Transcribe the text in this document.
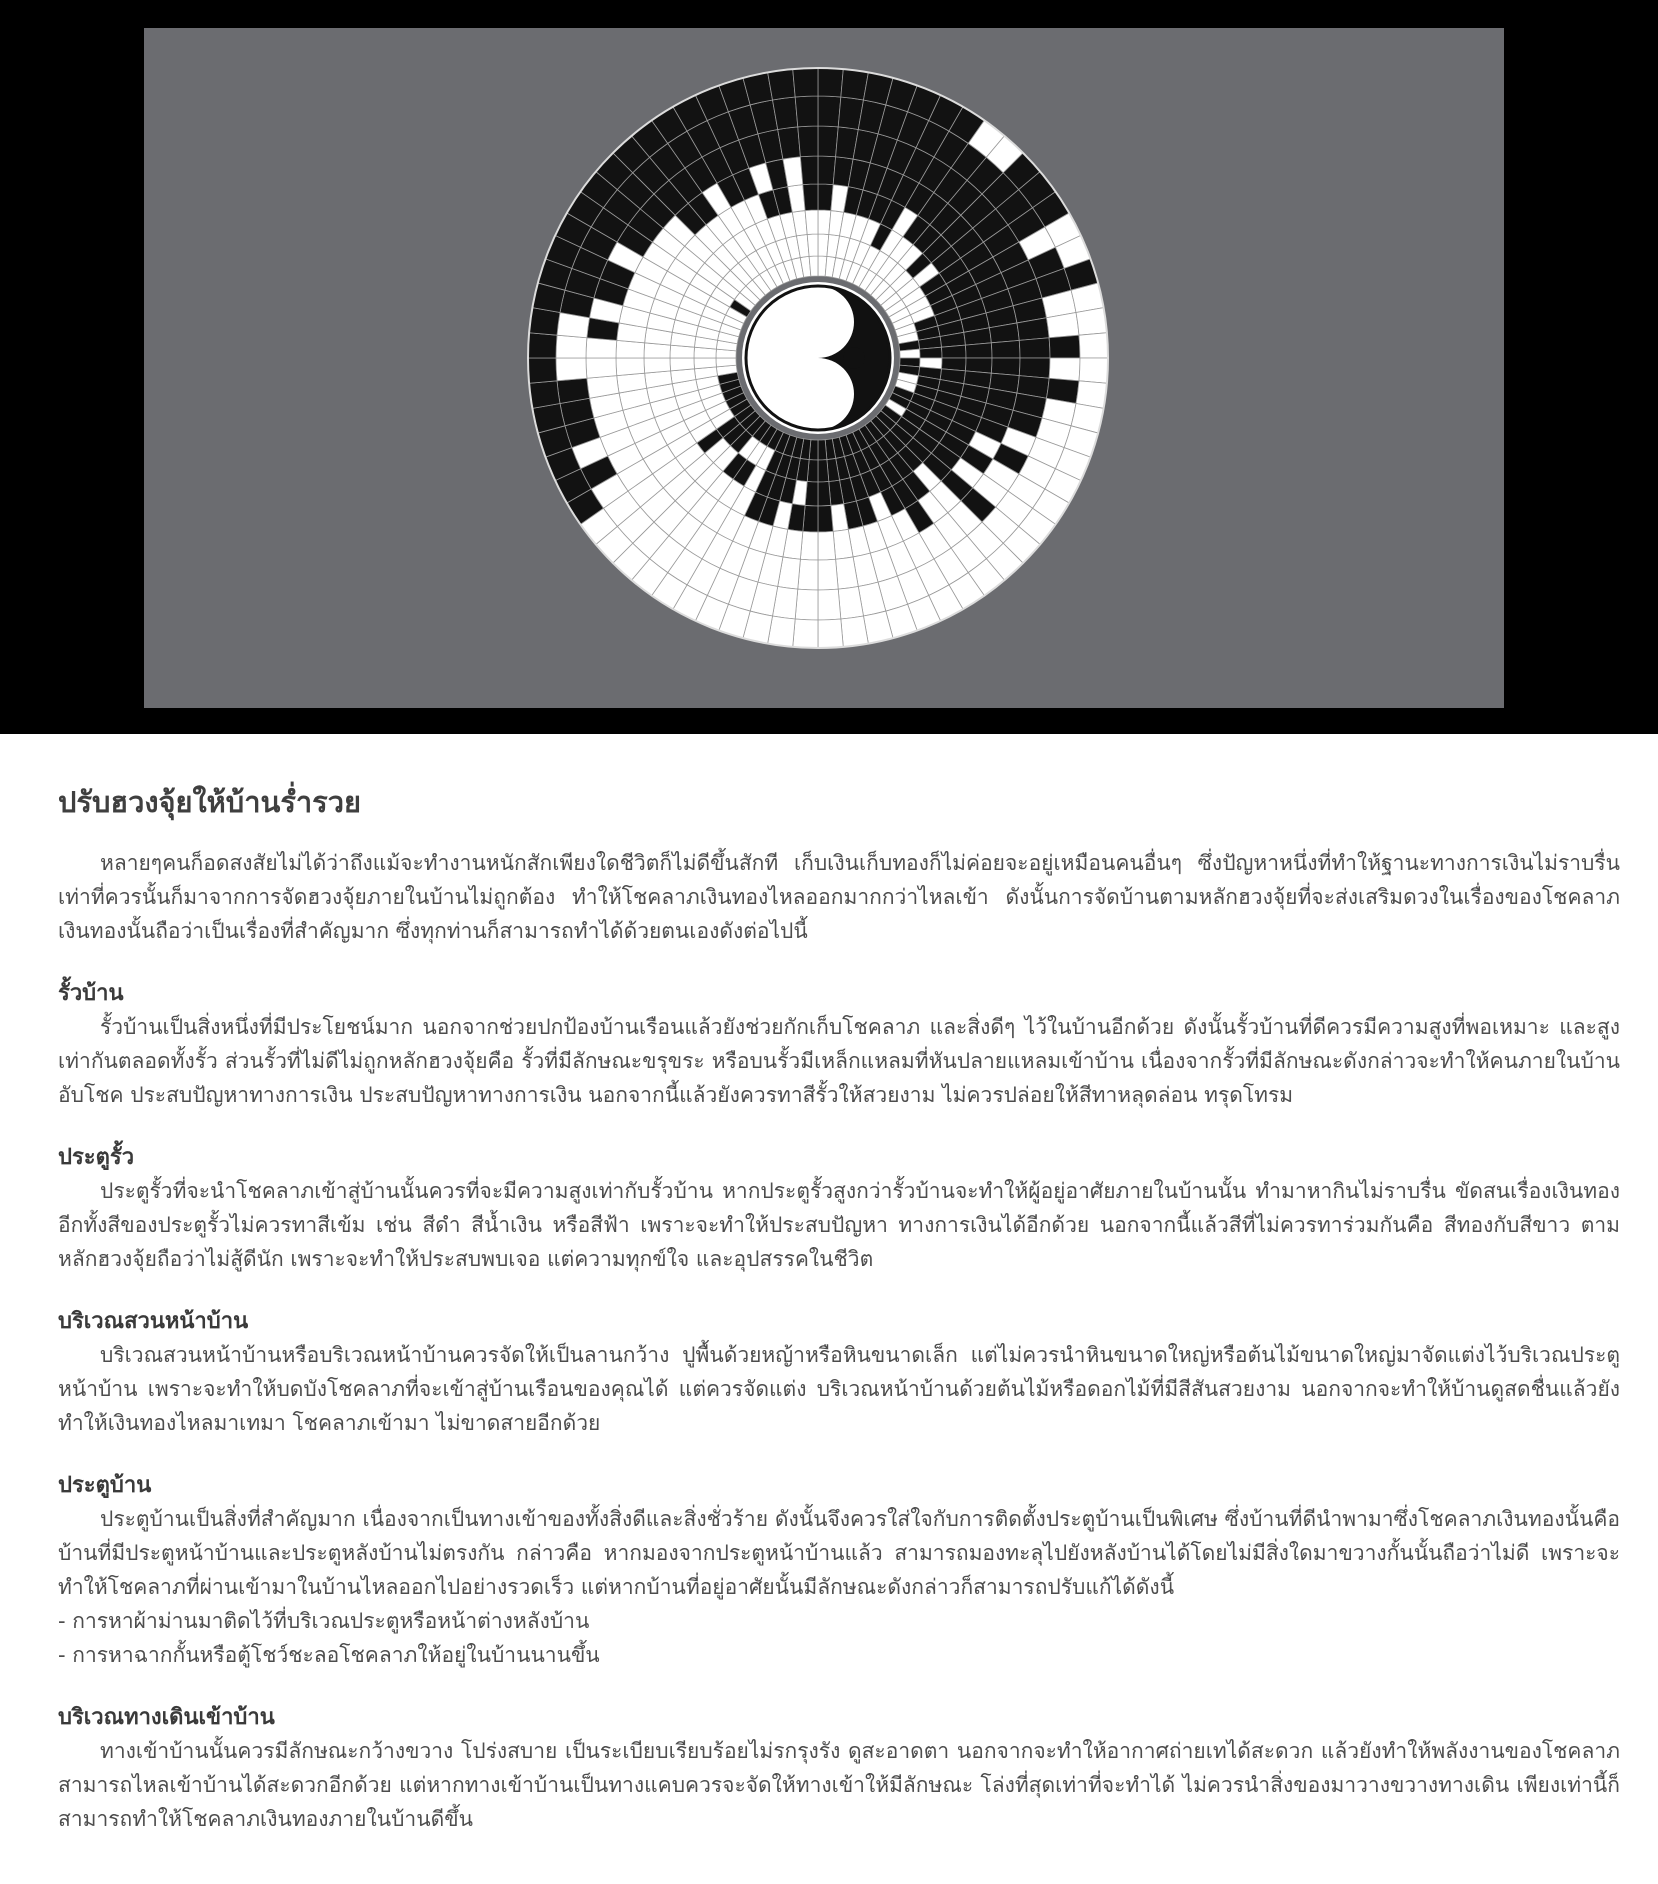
ปรับฮวงจุ้ยให้บ้านร่ำรวย

หลายๆคนก็อดสงสัยไม่ได้ว่าถึงแม้จะทำงานหนักสักเพียงใดชีวิตก็ไม่ดีขึ้นสักที เก็บเงินเก็บทองก็ไม่ค่อยจะอยู่เหมือนคนอื่นๆ ซึ่งปัญหาหนึ่งที่ทำให้ฐานะทางการเงินไม่ราบรื่นเท่าที่ควรนั้นก็มาจากการจัดฮวงจุ้ยภายในบ้านไม่ถูกต้อง ทำให้โชคลาภเงินทองไหลออกมากกว่าไหลเข้า ดังนั้นการจัดบ้านตามหลักฮวงจุ้ยที่จะส่งเสริมดวงในเรื่องของโชคลาภเงินทองนั้นถือว่าเป็นเรื่องที่สำคัญมาก ซึ่งทุกท่านก็สามารถทำได้ด้วยตนเองดังต่อไปนี้

รั้วบ้าน

รั้วบ้านเป็นสิ่งหนึ่งที่มีประโยชน์มาก นอกจากช่วยปกป้องบ้านเรือนแล้วยังช่วยกักเก็บโชคลาภ และสิ่งดีๆ ไว้ในบ้านอีกด้วย ดังนั้นรั้วบ้านที่ดีควรมีความสูงที่พอเหมาะ และสูงเท่ากันตลอดทั้งรั้ว ส่วนรั้วที่ไม่ดีไม่ถูกหลักฮวงจุ้ยคือ รั้วที่มีลักษณะขรุขระ หรือบนรั้วมีเหล็กแหลมที่หันปลายแหลมเข้าบ้าน เนื่องจากรั้วที่มีลักษณะดังกล่าวจะทำให้คนภายในบ้านอับโชค ประสบปัญหาทางการเงิน ประสบปัญหาทางการเงิน นอกจากนี้แล้วยังควรทาสีรั้วให้สวยงาม ไม่ควรปล่อยให้สีทาหลุดล่อน ทรุดโทรม

ประตูรั้ว

ประตูรั้วที่จะนำโชคลาภเข้าสู่บ้านนั้นควรที่จะมีความสูงเท่ากับรั้วบ้าน หากประตูรั้วสูงกว่ารั้วบ้านจะทำให้ผู้อยู่อาศัยภายในบ้านนั้น ทำมาหากินไม่ราบรื่น ขัดสนเรื่องเงินทอง อีกทั้งสีของประตูรั้วไม่ควรทาสีเข้ม เช่น สีดำ สีน้ำเงิน หรือสีฟ้า เพราะจะทำให้ประสบปัญหา ทางการเงินได้อีกด้วย นอกจากนี้แล้วสีที่ไม่ควรทาร่วมกันคือ สีทองกับสีขาว ตามหลักฮวงจุ้ยถือว่าไม่สู้ดีนัก เพราะจะทำให้ประสบพบเจอ แต่ความทุกข์ใจ และอุปสรรคในชีวิต

บริเวณสวนหน้าบ้าน

บริเวณสวนหน้าบ้านหรือบริเวณหน้าบ้านควรจัดให้เป็นลานกว้าง ปูพื้นด้วยหญ้าหรือหินขนาดเล็ก แต่ไม่ควรนำหินขนาดใหญ่หรือต้นไม้ขนาดใหญ่มาจัดแต่งไว้บริเวณประตูหน้าบ้าน เพราะจะทำให้บดบังโชคลาภที่จะเข้าสู่บ้านเรือนของคุณได้ แต่ควรจัดแต่ง บริเวณหน้าบ้านด้วยต้นไม้หรือดอกไม้ที่มีสีสันสวยงาม นอกจากจะทำให้บ้านดูสดชื่นแล้วยังทำให้เงินทองไหลมาเทมา โชคลาภเข้ามา ไม่ขาดสายอีกด้วย

ประตูบ้าน

ประตูบ้านเป็นสิ่งที่สำคัญมาก เนื่องจากเป็นทางเข้าของทั้งสิ่งดีและสิ่งชั่วร้าย ดังนั้นจึงควรใส่ใจกับการติดตั้งประตูบ้านเป็นพิเศษ ซึ่งบ้านที่ดีนำพามาซึ่งโชคลาภเงินทองนั้นคือ บ้านที่มีประตูหน้าบ้านและประตูหลังบ้านไม่ตรงกัน กล่าวคือ หากมองจากประตูหน้าบ้านแล้ว สามารถมองทะลุไปยังหลังบ้านได้โดยไม่มีสิ่งใดมาขวางกั้นนั้นถือว่าไม่ดี เพราะจะทำให้โชคลาภที่ผ่านเข้ามาในบ้านไหลออกไปอย่างรวดเร็ว แต่หากบ้านที่อยู่อาศัยนั้นมีลักษณะดังกล่าวก็สามารถปรับแก้ได้ดังนี้

- การหาผ้าม่านมาติดไว้ที่บริเวณประตูหรือหน้าต่างหลังบ้าน
- การหาฉากกั้นหรือตู้โชว์ชะลอโชคลาภให้อยู่ในบ้านนานขึ้น
บริเวณทางเดินเข้าบ้าน

ทางเข้าบ้านนั้นควรมีลักษณะกว้างขวาง โปร่งสบาย เป็นระเบียบเรียบร้อยไม่รกรุงรัง ดูสะอาดตา นอกจากจะทำให้อากาศถ่ายเทได้สะดวก แล้วยังทำให้พลังงานของโชคลาภสามารถไหลเข้าบ้านได้สะดวกอีกด้วย แต่หากทางเข้าบ้านเป็นทางแคบควรจะจัดให้ทางเข้าให้มีลักษณะ โล่งที่สุดเท่าที่จะทำได้ ไม่ควรนำสิ่งของมาวางขวางทางเดิน เพียงเท่านี้ก็สามารถทำให้โชคลาภเงินทองภายในบ้านดีขึ้น
